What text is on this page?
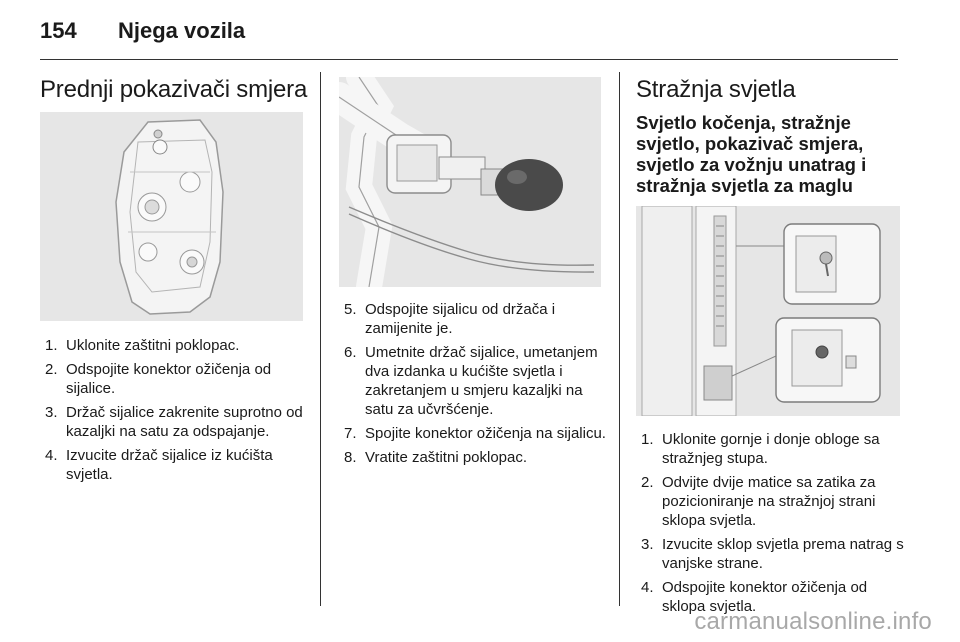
154 Njega vozila
Prednji pokazivači smjera
1. Uklonite zaštitni poklopac.
2. Odspojite konektor ožičenja od sijalice.
3. Držač sijalice zakrenite suprotno od kazaljki na satu za odspajanje.
4. Izvucite držač sijalice iz kućišta svjetla.
5. Odspojite sijalicu od držača i zamijenite je.
6. Umetnite držač sijalice, umetanjem dva izdanka u kućište svjetla i zakretanjem u smjeru kazaljki na satu za učvršćenje.
7. Spojite konektor ožičenja na sijalicu.
8. Vratite zaštitni poklopac.
Stražnja svjetla
Svjetlo kočenja, stražnje svjetlo, pokazivač smjera, svjetlo za vožnju unatrag i stražnja svjetla za maglu
1. Uklonite gornje i donje obloge sa stražnjeg stupa.
2. Odvijte dvije matice sa zatika za pozicioniranje na stražnjoj strani sklopa svjetla.
3. Izvucite sklop svjetla prema natrag s vanjske strane.
4. Odspojite konektor ožičenja od sklopa svjetla.
carmanualsonline.info
